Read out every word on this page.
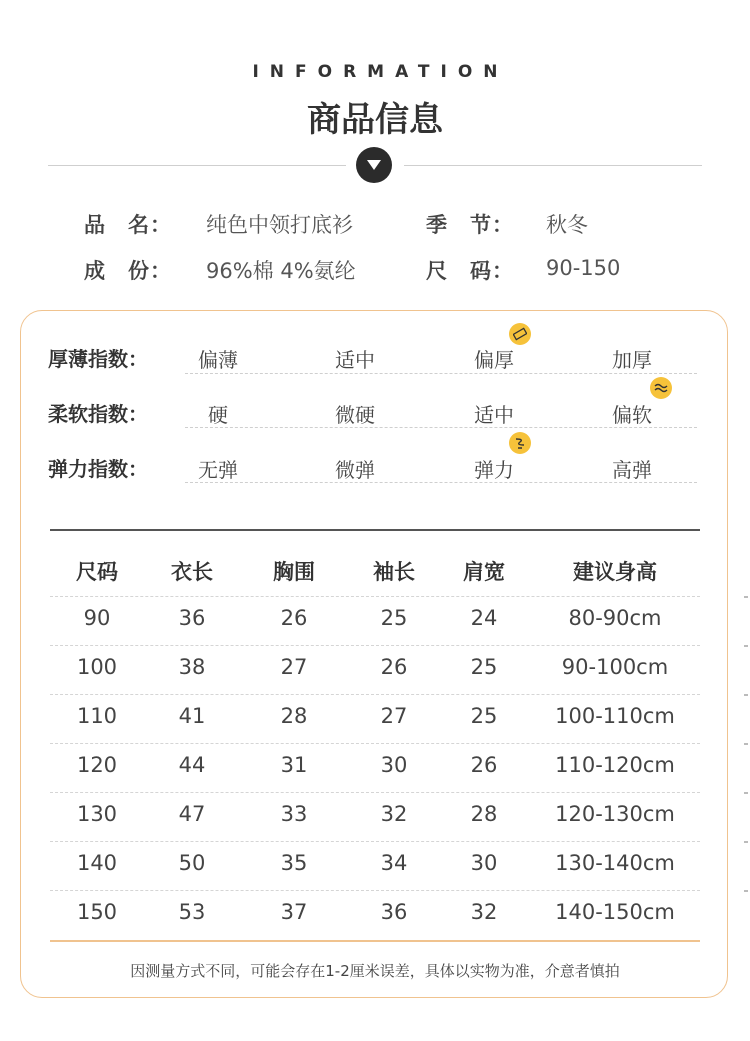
INFORMATION
商品信息
品　名： 纯色中领打底衫	季　节： 秋冬
成　份： 96%棉 4%氨纶	尺　码： 90-150
厚薄指数：	偏薄	适中	偏厚	加厚
柔软指数：	硬	微硬	适中	偏软
弹力指数：	无弹	微弹	弹力	高弹
尺码	衣长	胸围	袖长	肩宽	建议身高
90	36	26	25	24	80-90cm
100	38	27	26	25	90-100cm
110	41	28	27	25	100-110cm
120	44	31	30	26	110-120cm
130	47	33	32	28	120-130cm
140	50	35	34	30	130-140cm
150	53	37	36	32	140-150cm
因测量方式不同，可能会存在1-2厘米误差，具体以实物为准，介意者慎拍
